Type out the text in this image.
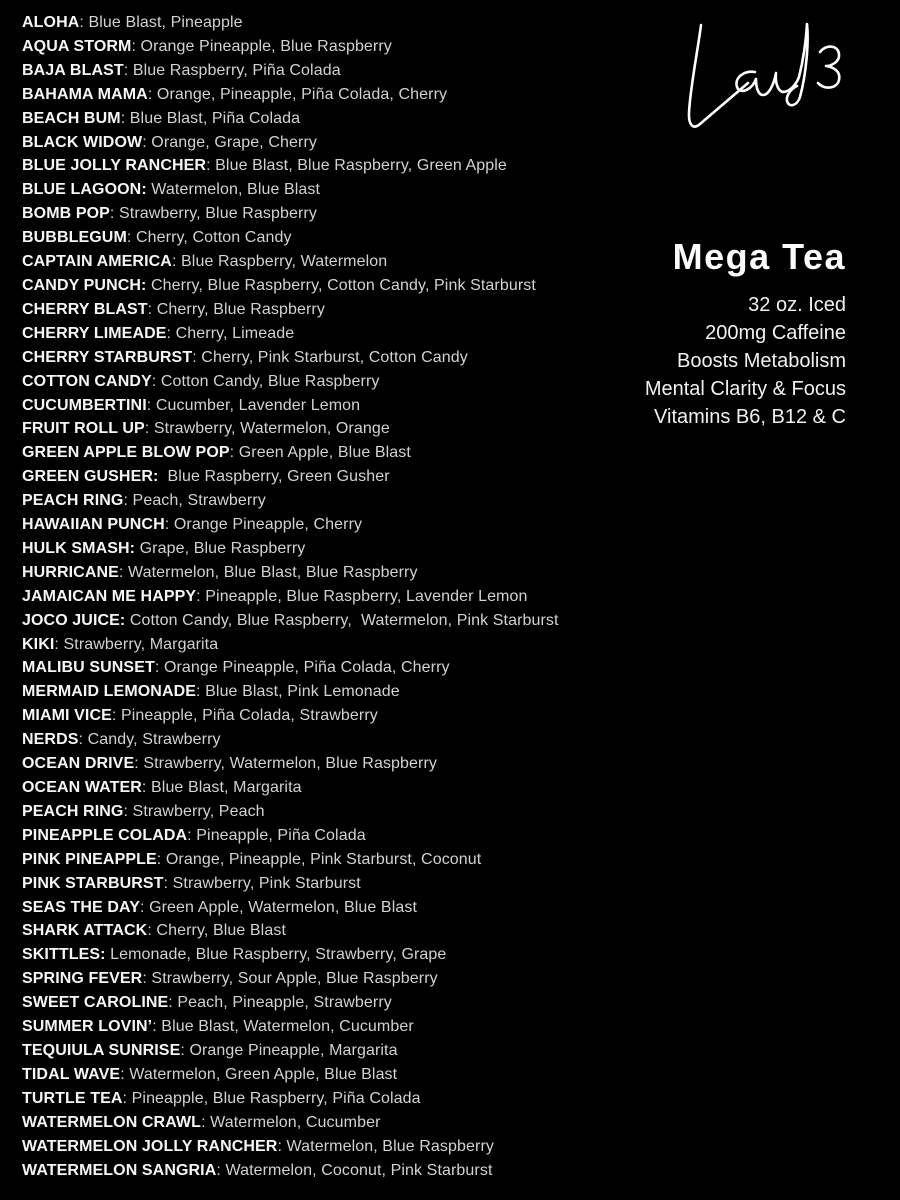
ALOHA: Blue Blast, Pineapple
AQUA STORM: Orange Pineapple, Blue Raspberry
BAJA BLAST: Blue Raspberry, Piña Colada
BAHAMA MAMA: Orange, Pineapple, Piña Colada, Cherry
BEACH BUM: Blue Blast, Piña Colada
BLACK WIDOW: Orange, Grape, Cherry
BLUE JOLLY RANCHER: Blue Blast, Blue Raspberry, Green Apple
BLUE LAGOON: Watermelon, Blue Blast
BOMB POP: Strawberry, Blue Raspberry
BUBBLEGUM: Cherry, Cotton Candy
CAPTAIN AMERICA: Blue Raspberry, Watermelon
CANDY PUNCH: Cherry, Blue Raspberry, Cotton Candy, Pink Starburst
CHERRY BLAST: Cherry, Blue Raspberry
CHERRY LIMEADE: Cherry, Limeade
CHERRY STARBURST: Cherry, Pink Starburst, Cotton Candy
COTTON CANDY: Cotton Candy, Blue Raspberry
CUCUMBERTINI: Cucumber, Lavender Lemon
FRUIT ROLL UP: Strawberry, Watermelon, Orange
GREEN APPLE BLOW POP: Green Apple, Blue Blast
GREEN GUSHER:  Blue Raspberry, Green Gusher
PEACH RING: Peach, Strawberry
HAWAIIAN PUNCH: Orange Pineapple, Cherry
HULK SMASH: Grape, Blue Raspberry
HURRICANE: Watermelon, Blue Blast, Blue Raspberry
JAMAICAN ME HAPPY: Pineapple, Blue Raspberry, Lavender Lemon
JOCO JUICE: Cotton Candy, Blue Raspberry,  Watermelon, Pink Starburst
KIKI: Strawberry, Margarita
MALIBU SUNSET: Orange Pineapple, Piña Colada, Cherry
MERMAID LEMONADE: Blue Blast, Pink Lemonade
MIAMI VICE: Pineapple, Piña Colada, Strawberry
NERDS: Candy, Strawberry
OCEAN DRIVE: Strawberry, Watermelon, Blue Raspberry
OCEAN WATER: Blue Blast, Margarita
PEACH RING: Strawberry, Peach
PINEAPPLE COLADA: Pineapple, Piña Colada
PINK PINEAPPLE: Orange, Pineapple, Pink Starburst, Coconut
PINK STARBURST: Strawberry, Pink Starburst
SEAS THE DAY: Green Apple, Watermelon, Blue Blast
SHARK ATTACK: Cherry, Blue Blast
SKITTLES: Lemonade, Blue Raspberry, Strawberry, Grape
SPRING FEVER: Strawberry, Sour Apple, Blue Raspberry
SWEET CAROLINE: Peach, Pineapple, Strawberry
SUMMER LOVIN’: Blue Blast, Watermelon, Cucumber
TEQUIULA SUNRISE: Orange Pineapple, Margarita
TIDAL WAVE: Watermelon, Green Apple, Blue Blast
TURTLE TEA: Pineapple, Blue Raspberry, Piña Colada
WATERMELON CRAWL: Watermelon, Cucumber
WATERMELON JOLLY RANCHER: Watermelon, Blue Raspberry
WATERMELON SANGRIA: Watermelon, Coconut, Pink Starburst
Mega Tea
32 oz. Iced
200mg Caffeine
Boosts Metabolism
Mental Clarity & Focus
Vitamins B6, B12 & C
